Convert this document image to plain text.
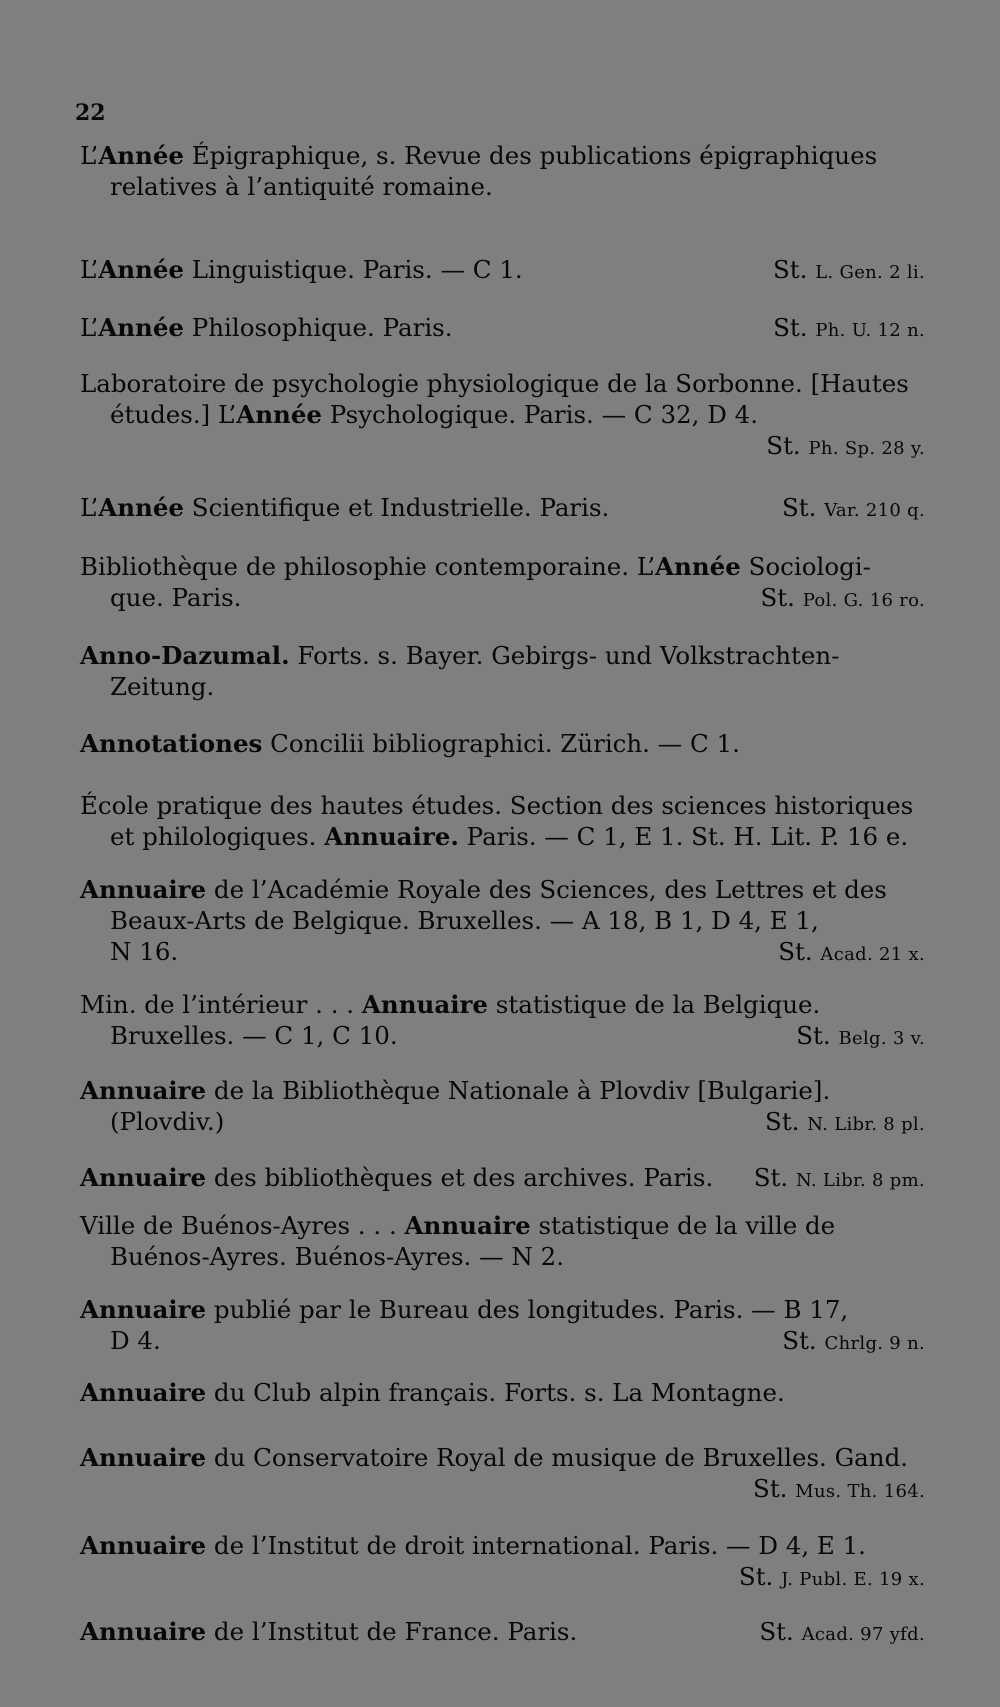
22
L’Année Épigraphique, s. Revue des publications épigraphiques
relatives à l’antiquité romaine.
L’Année Linguistique. Paris. — C 1.	St. L. Gen. 2 li.
L’Année Philosophique. Paris.	St. Ph. U. 12 n.
Laboratoire de psychologie physiologique de la Sorbonne. [Hautes
études.] L’Année Psychologique. Paris. — C 32, D 4.
St. Ph. Sp. 28 y.
L’Année Scientifique et Industrielle. Paris.	St. Var. 210 q.
Bibliothèque de philosophie contemporaine. L’Année Sociologi-
que. Paris.	St. Pol. G. 16 ro.
Anno-Dazumal. Forts. s. Bayer. Gebirgs- und Volkstrachten-
Zeitung.
Annotationes Concilii bibliographici. Zürich. — C 1.
École pratique des hautes études. Section des sciences historiques
et philologiques. Annuaire. Paris. — C 1, E 1. St. H. Lit. P. 16 e.
Annuaire de l’Académie Royale des Sciences, des Lettres et des
Beaux-Arts de Belgique. Bruxelles. — A 18, B 1, D 4, E 1,
N 16.	St. Acad. 21 x.
Min. de l’intérieur . . . Annuaire statistique de la Belgique.
Bruxelles. — C 1, C 10.	St. Belg. 3 v.
Annuaire de la Bibliothèque Nationale à Plovdiv [Bulgarie].
(Plovdiv.)	St. N. Libr. 8 pl.
Annuaire des bibliothèques et des archives. Paris. St. N. Libr. 8 pm.
Ville de Buénos-Ayres . . . Annuaire statistique de la ville de
Buénos-Ayres. Buénos-Ayres. — N 2.
Annuaire publié par le Bureau des longitudes. Paris. — B 17,
D 4.	St. Chrlg. 9 n.
Annuaire du Club alpin français. Forts. s. La Montagne.
Annuaire du Conservatoire Royal de musique de Bruxelles. Gand.
St. Mus. Th. 164.
Annuaire de l’Institut de droit international. Paris. — D 4, E 1.
St. J. Publ. E. 19 x.
Annuaire de l’Institut de France. Paris.	St. Acad. 97 yfd.
